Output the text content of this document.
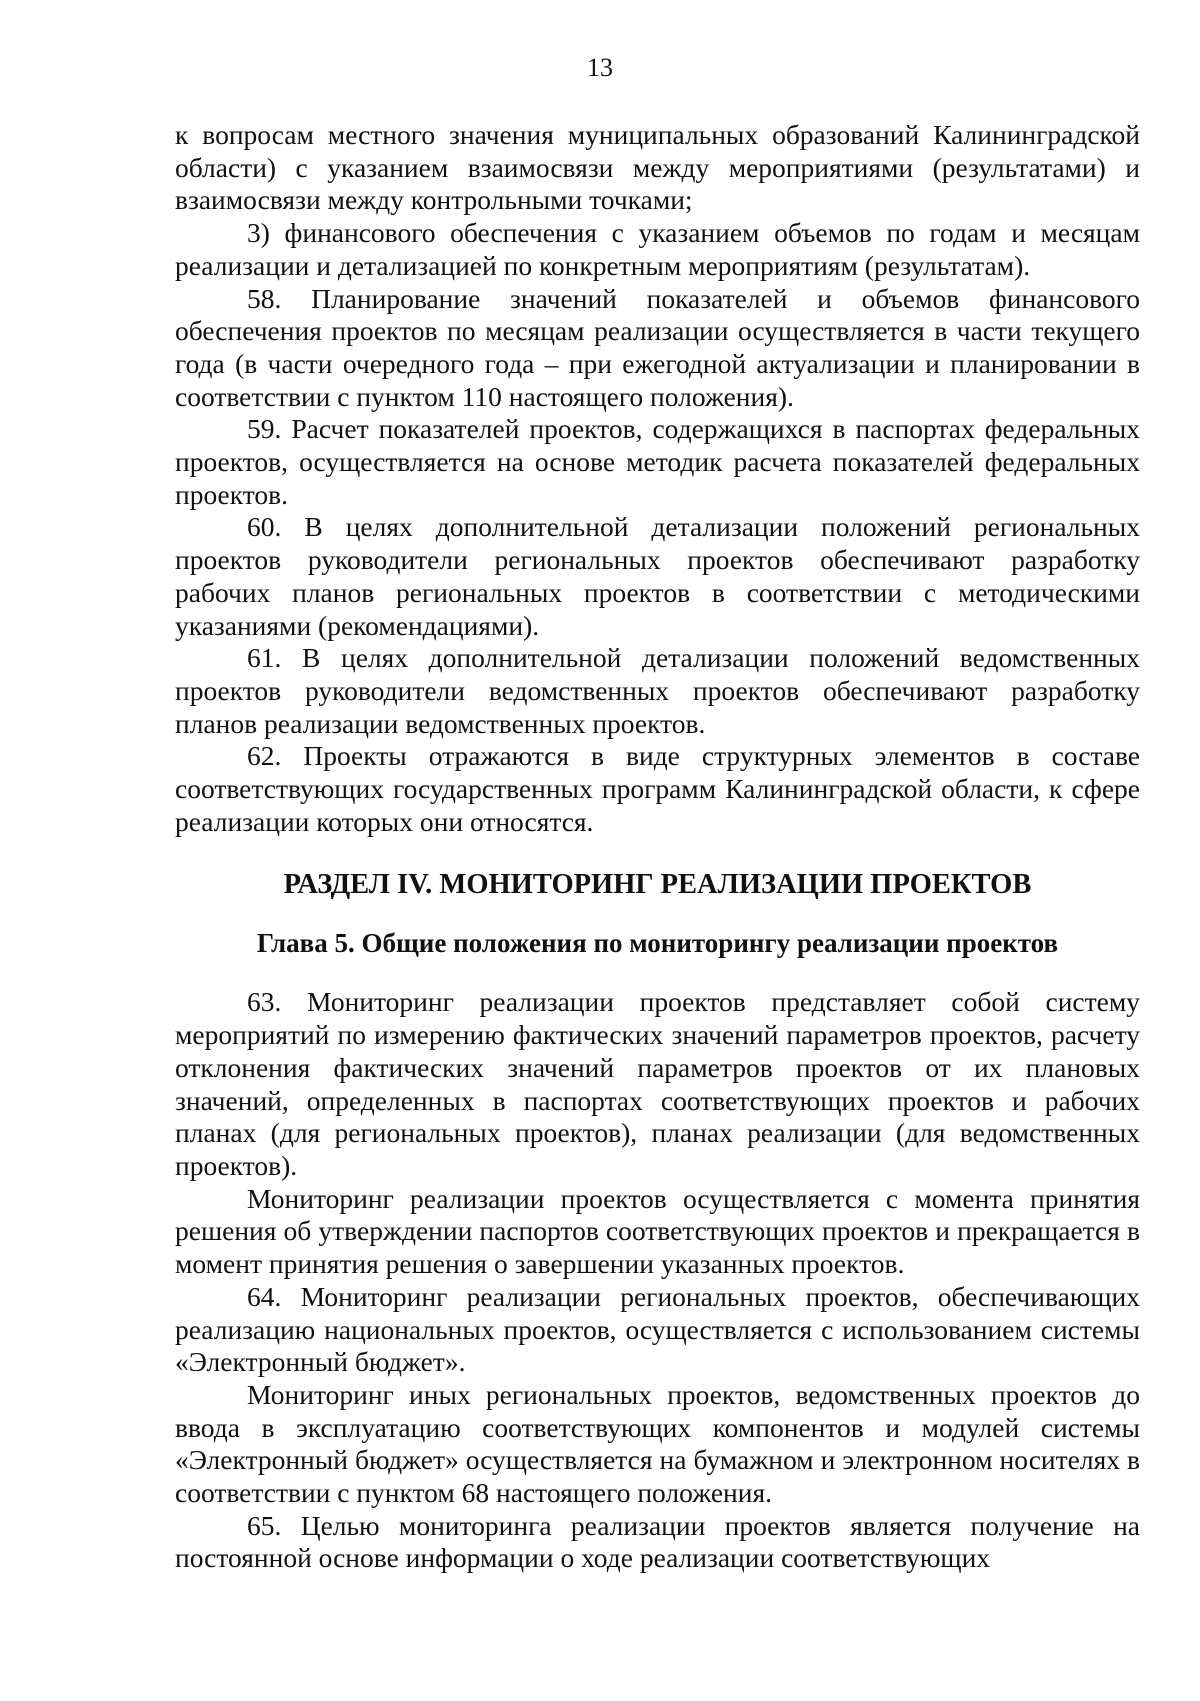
13

к вопросам местного значения муниципальных образований Калининградской области) с указанием взаимосвязи между мероприятиями (результатами) и взаимосвязи между контрольными точками;

3) финансового обеспечения с указанием объемов по годам и месяцам реализации и детализацией по конкретным мероприятиям (результатам).

58. Планирование значений показателей и объемов финансового обеспечения проектов по месяцам реализации осуществляется в части текущего года (в части очередного года – при ежегодной актуализации и планировании в соответствии с пунктом 110 настоящего положения).

59. Расчет показателей проектов, содержащихся в паспортах федеральных проектов, осуществляется на основе методик расчета показателей федеральных проектов.

60. В целях дополнительной детализации положений региональных проектов руководители региональных проектов обеспечивают разработку рабочих планов региональных проектов в соответствии с методическими указаниями (рекомендациями).

61. В целях дополнительной детализации положений ведомственных проектов руководители ведомственных проектов обеспечивают разработку планов реализации ведомственных проектов.

62. Проекты отражаются в виде структурных элементов в составе соответствующих государственных программ Калининградской области, к сфере реализации которых они относятся.

РАЗДЕЛ IV. МОНИТОРИНГ РЕАЛИЗАЦИИ ПРОЕКТОВ
Глава 5. Общие положения по мониторингу реализации проектов

63. Мониторинг реализации проектов представляет собой систему мероприятий по измерению фактических значений параметров проектов, расчету отклонения фактических значений параметров проектов от их плановых значений, определенных в паспортах соответствующих проектов и рабочих планах (для региональных проектов), планах реализации (для ведомственных проектов).

Мониторинг реализации проектов осуществляется с момента принятия решения об утверждении паспортов соответствующих проектов и прекращается в момент принятия решения о завершении указанных проектов.

64. Мониторинг реализации региональных проектов, обеспечивающих реализацию национальных проектов, осуществляется с использованием системы «Электронный бюджет».

Мониторинг иных региональных проектов, ведомственных проектов до ввода в эксплуатацию соответствующих компонентов и модулей системы «Электронный бюджет» осуществляется на бумажном и электронном носителях в соответствии с пунктом 68 настоящего положения.

65. Целью мониторинга реализации проектов является получение на постоянной основе информации о ходе реализации соответствующих
